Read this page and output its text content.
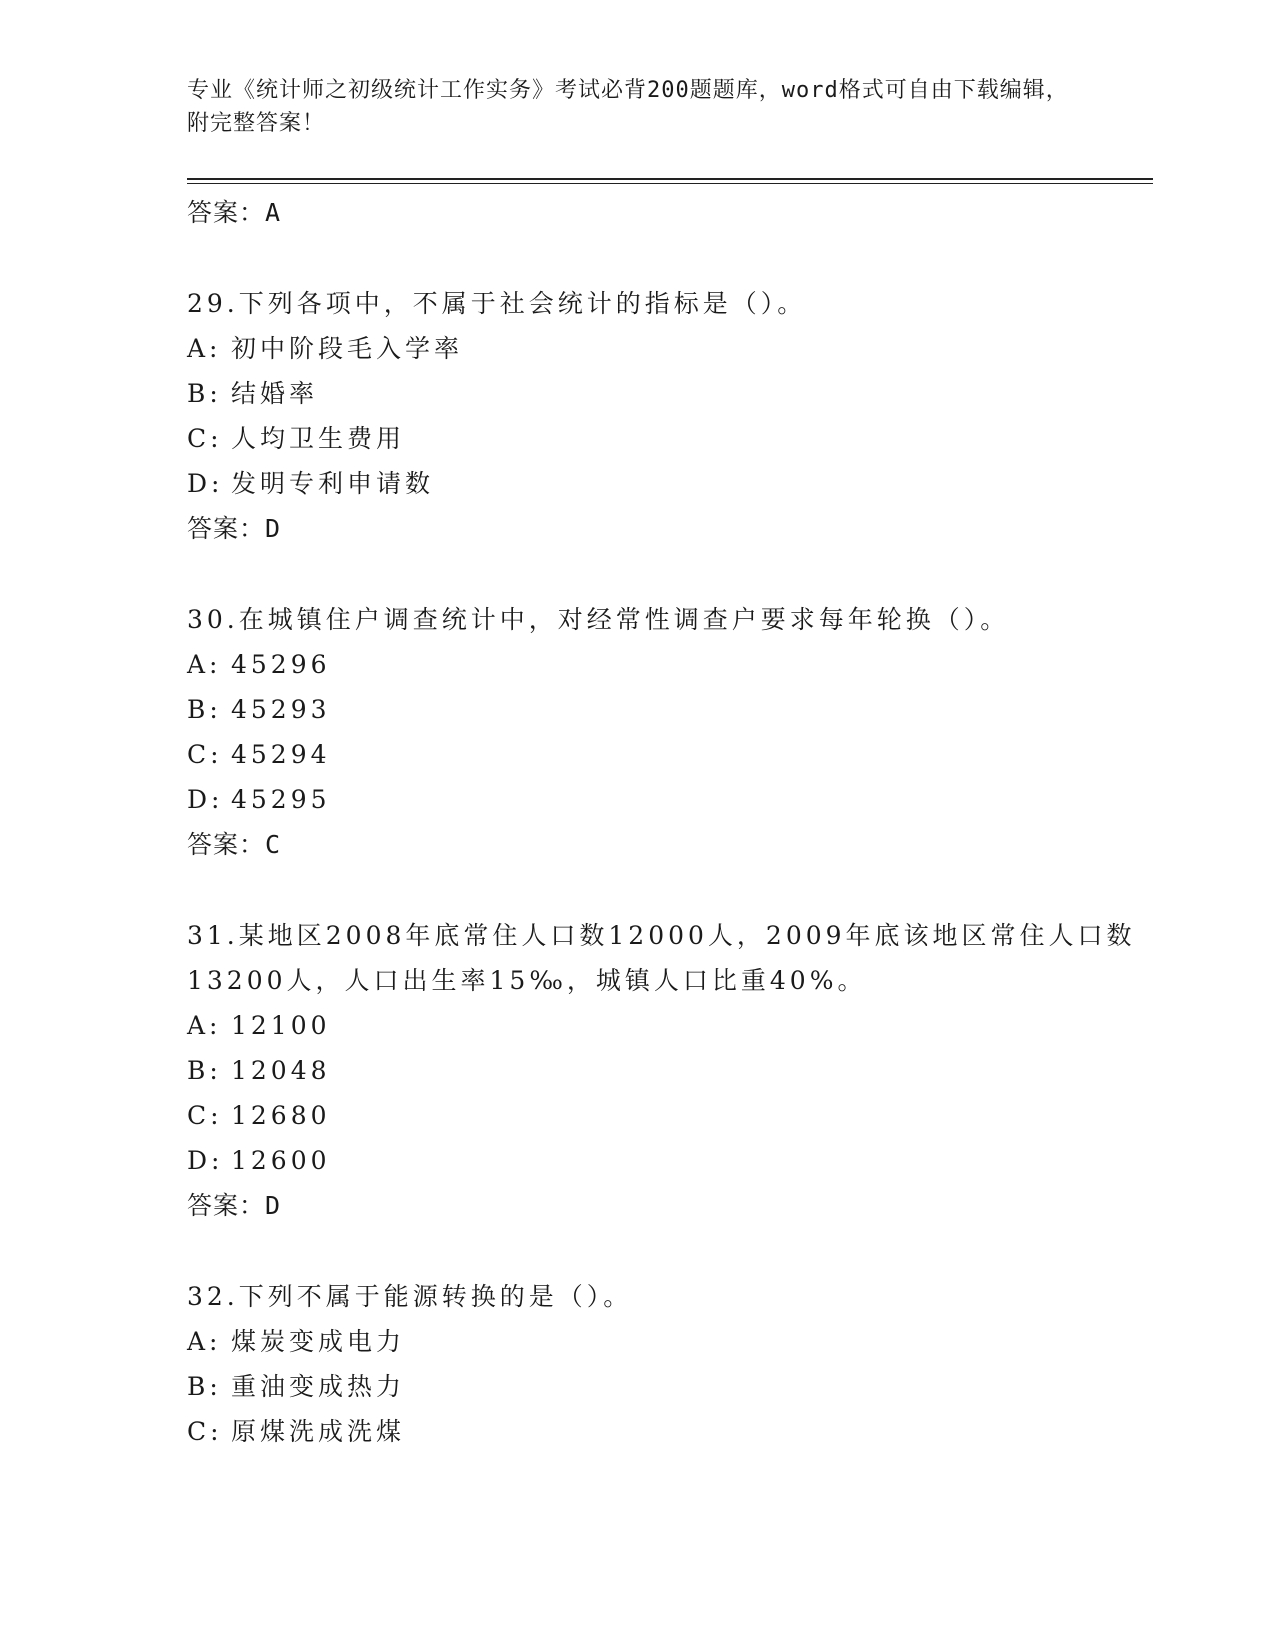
专业《统计师之初级统计工作实务》考试必背200题题库，word格式可自由下载编辑，附完整答案！
答案：A
29.下列各项中，不属于社会统计的指标是（）。
A: 初中阶段毛入学率
B: 结婚率
C: 人均卫生费用
D: 发明专利申请数
答案：D
30.在城镇住户调查统计中，对经常性调查户要求每年轮换（）。
A: 45296
B: 45293
C: 45294
D: 45295
答案：C
31.某地区2008年底常住人口数12000人，2009年底该地区常住人口数13200人，人口出生率15‰，城镇人口比重40%。
A: 12100
B: 12048
C: 12680
D: 12600
答案：D
32.下列不属于能源转换的是（）。
A: 煤炭变成电力
B: 重油变成热力
C: 原煤洗成洗煤
